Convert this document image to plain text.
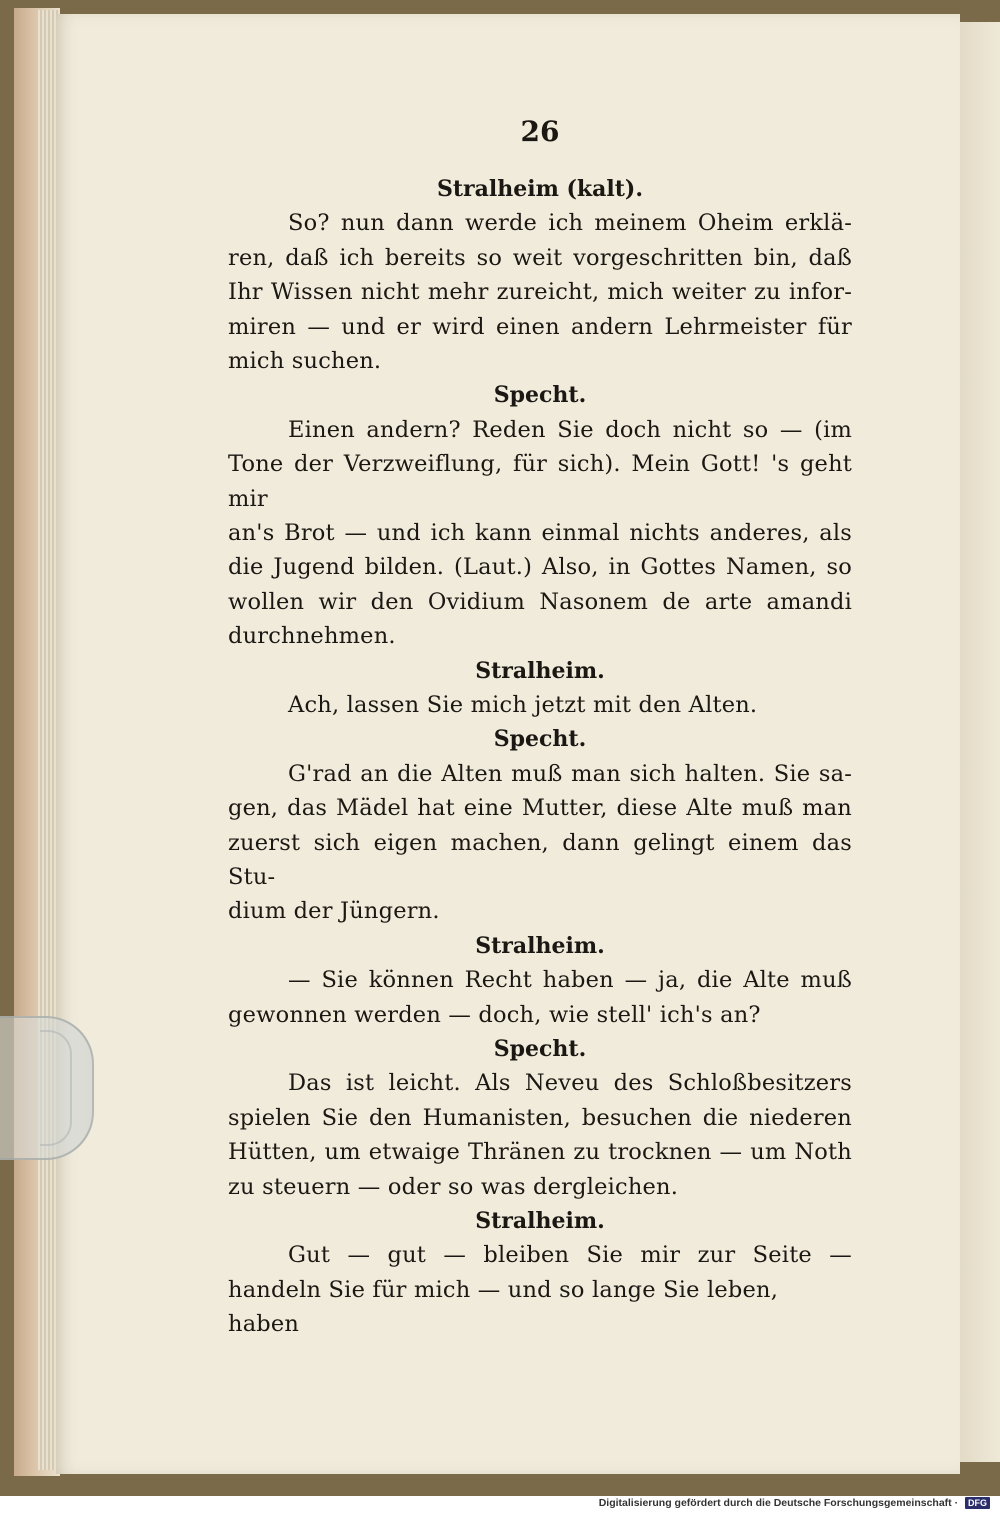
26
Stralheim (kalt).
So? nun dann werde ich meinem Oheim erklä-
ren, daß ich bereits so weit vorgeschritten bin, daß
Ihr Wissen nicht mehr zureicht, mich weiter zu infor-
miren — und er wird einen andern Lehrmeister für
mich suchen.
Specht.
Einen andern? Reden Sie doch nicht so — (im
Tone der Verzweiflung, für sich). Mein Gott! 's geht mir
an's Brot — und ich kann einmal nichts anderes, als
die Jugend bilden. (Laut.) Also, in Gottes Namen, so
wollen wir den Ovidium Nasonem de arte amandi
durchnehmen.
Stralheim.
Ach, lassen Sie mich jetzt mit den Alten.
Specht.
G'rad an die Alten muß man sich halten. Sie sa-
gen, das Mädel hat eine Mutter, diese Alte muß man
zuerst sich eigen machen, dann gelingt einem das Stu-
dium der Jüngern.
Stralheim.
— Sie können Recht haben — ja, die Alte muß
gewonnen werden — doch, wie stell' ich's an?
Specht.
Das ist leicht. Als Neveu des Schloßbesitzers
spielen Sie den Humanisten, besuchen die niederen
Hütten, um etwaige Thränen zu trocknen — um Noth
zu steuern — oder so was dergleichen.
Stralheim.
Gut — gut — bleiben Sie mir zur Seite —
handeln Sie für mich — und so lange Sie leben, haben
Digitalisierung gefördert durch die Deutsche Forschungsgemeinschaft · DFG
